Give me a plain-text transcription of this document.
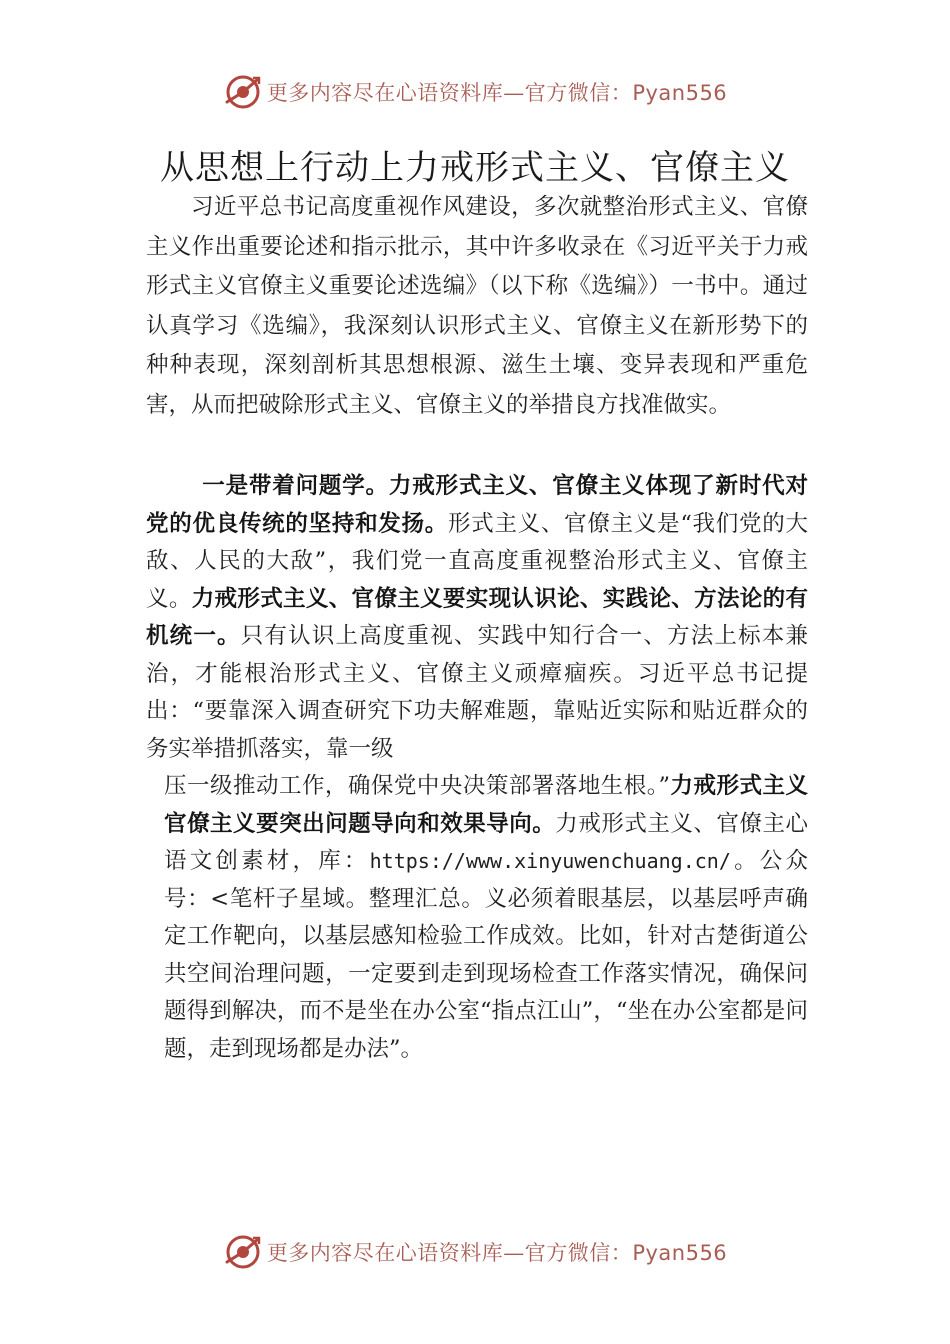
更多内容尽在心语资料库—官方微信：Pyan556
从思想上行动上力戒形式主义、官僚主义

习近平总书记高度重视作风建设，多次就整治形式主义、官僚主义作出重要论述和指示批示，其中许多收录在《习近平关于力戒形式主义官僚主义重要论述选编》（以下称《选编》）一书中。通过认真学习《选编》，我深刻认识形式主义、官僚主义在新形势下的种种表现，深刻剖析其思想根源、滋生土壤、变异表现和严重危害，从而把破除形式主义、官僚主义的举措良方找准做实。

一是带着问题学。力戒形式主义、官僚主义体现了新时代对党的优良传统的坚持和发扬。形式主义、官僚主义是“我们党的大敌、人民的大敌”，我们党一直高度重视整治形式主义、官僚主义。力戒形式主义、官僚主义要实现认识论、实践论、方法论的有机统一。只有认识上高度重视、实践中知行合一、方法上标本兼治，才能根治形式主义、官僚主义顽瘴痼疾。习近平总书记提出：“要靠深入调查研究下功夫解难题，靠贴近实际和贴近群众的务实举措抓落实，靠一级
压一级推动工作，确保党中央决策部署落地生根。”力戒形式主义官僚主义要突出问题导向和效果导向。力戒形式主义、官僚主心语文创素材，库：https://www.xinyuwenchuang.cn/。公众号：<笔杆子星域。整理汇总。义必须着眼基层，以基层呼声确定工作靶向，以基层感知检验工作成效。比如，针对古楚街道公共空间治理问题，一定要到走到现场检查工作落实情况，确保问题得到解决，而不是坐在办公室“指点江山”，“坐在办公室都是问题，走到现场都是办法”。

更多内容尽在心语资料库—官方微信：Pyan556
